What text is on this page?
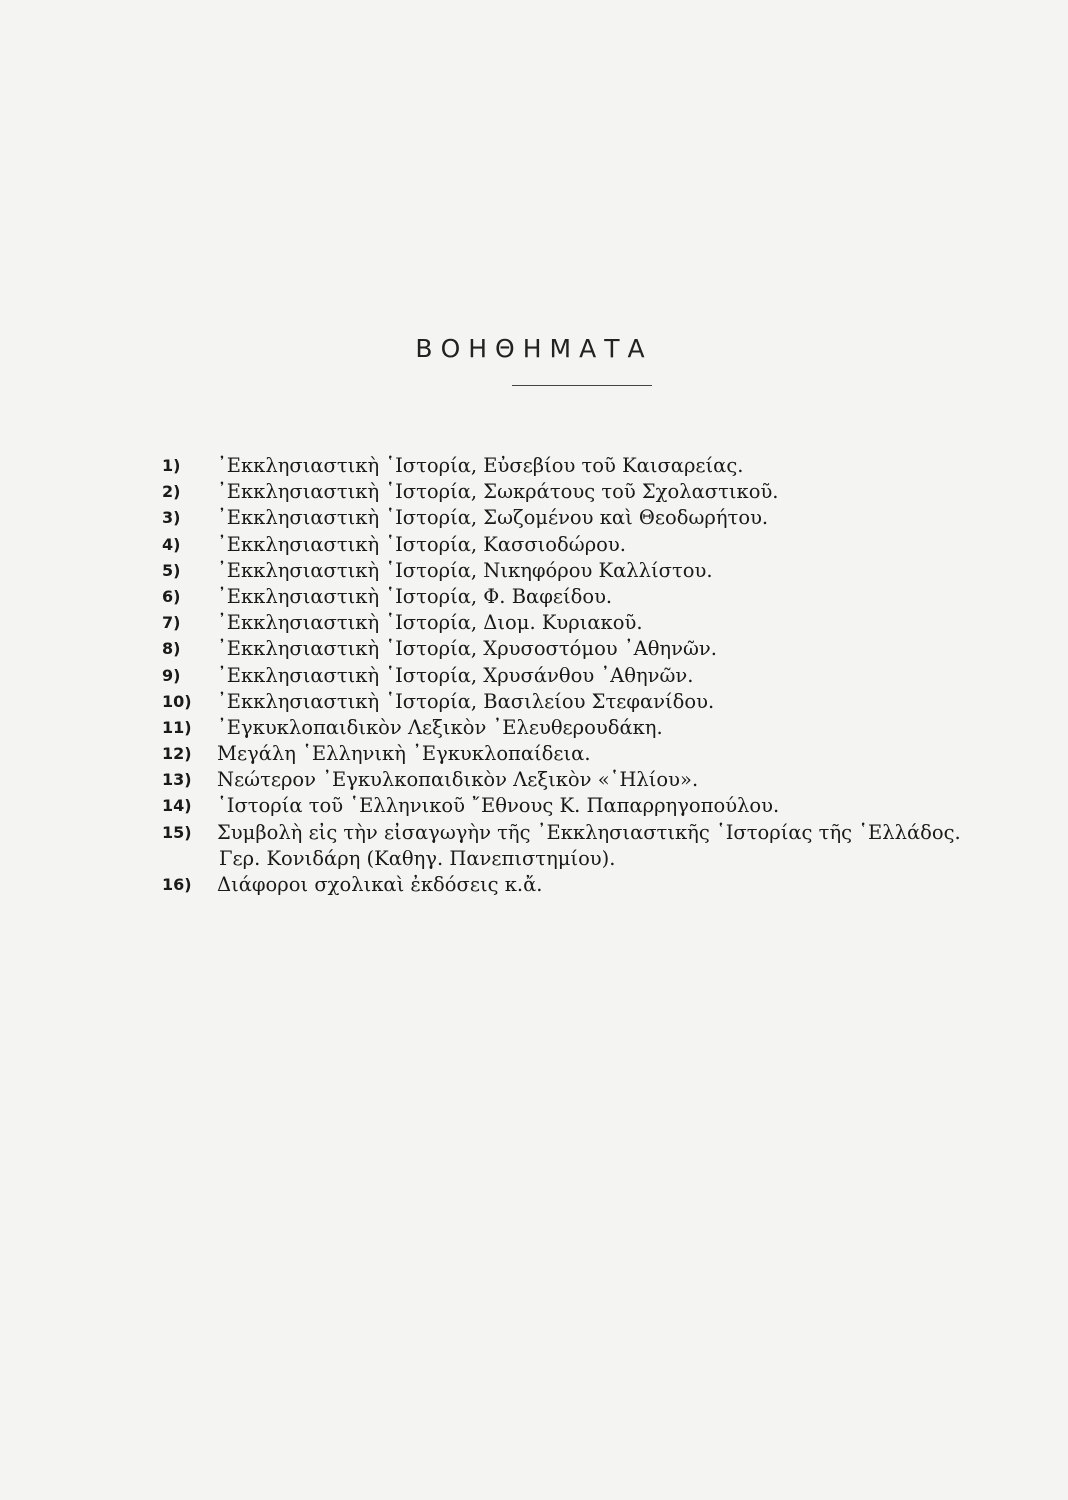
ΒΟΗΘΗΜΑΤΑ
1)	᾿Εκκλησιαστικὴ ῾Ιστορία, Εὐσεβίου τοῦ Καισαρείας.
2)	᾿Εκκλησιαστικὴ ῾Ιστορία, Σωκράτους τοῦ Σχολαστικοῦ.
3)	᾿Εκκλησιαστικὴ ῾Ιστορία, Σωζομένου καὶ Θεοδωρήτου.
4)	᾿Εκκλησιαστικὴ ῾Ιστορία, Κασσιοδώρου.
5)	᾿Εκκλησιαστικὴ ῾Ιστορία, Νικηφόρου Καλλίστου.
6)	᾿Εκκλησιαστικὴ ῾Ιστορία, Φ. Βαφείδου.
7)	᾿Εκκλησιαστικὴ ῾Ιστορία, Διομ. Κυριακοῦ.
8)	᾿Εκκλησιαστικὴ ῾Ιστορία, Χρυσοστόμου ᾿Αθηνῶν.
9)	᾿Εκκλησιαστικὴ ῾Ιστορία, Χρυσάνθου ᾿Αθηνῶν.
10)	᾿Εκκλησιαστικὴ ῾Ιστορία, Βασιλείου Στεφανίδου.
11)	᾿Εγκυκλοπαιδικὸν Λεξικὸν ᾿Ελευθερουδάκη.
12)	Μεγάλη ῾Ελληνικὴ ᾿Εγκυκλοπαίδεια.
13)	Νεώτερον ᾿Εγκυλκοπαιδικὸν Λεξικὸν «῾Ηλίου».
14)	῾Ιστορία τοῦ ῾Ελληνικοῦ ῎Εθνους Κ. Παπαρρηγοπούλου.
15)	Συμβολὴ εἰς τὴν εἰσαγωγὴν τῆς ᾿Εκκλησιαστικῆς ῾Ιστορίας τῆς ῾Ελλάδος.
Γερ. Κονιδάρη (Καθηγ. Πανεπιστημίου).
16)	Διάφοροι σχολικαὶ ἐκδόσεις κ.ἄ.
